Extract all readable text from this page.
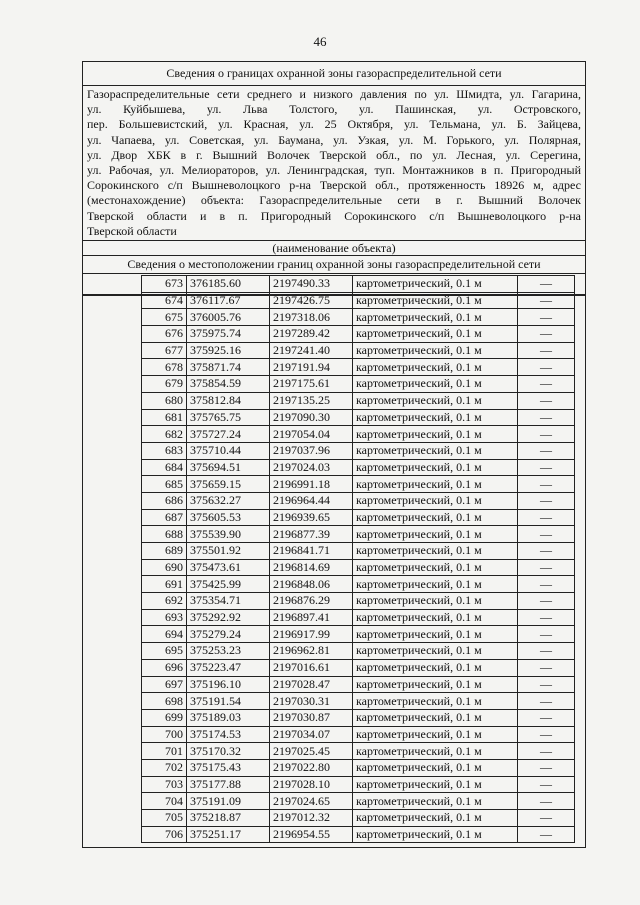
46
Сведения о границах охранной зоны газораспределительной сети
Газораспределительные сети среднего и низкого давления по ул. Шмидта, ул. Гагарина,
ул. Куйбышева, ул. Льва Толстого, ул. Пашинская, ул. Островского,
пер. Большевистский, ул. Красная, ул. 25 Октября, ул. Тельмана, ул. Б. Зайцева,
ул. Чапаева, ул. Советская, ул. Баумана, ул. Узкая, ул. М. Горького, ул. Полярная,
ул. Двор ХБК в г. Вышний Волочек Тверской обл., по ул. Лесная, ул. Серегина,
ул. Рабочая, ул. Мелиораторов, ул. Ленинградская, туп. Монтажников в п. Пригородный
Сорокинского с/п Вышневолоцкого р-на Тверской обл., протяженность 18926 м, адрес
(местонахождение) объекта: Газораспределительные сети в г. Вышний Волочек
Тверской области и в п. Пригородный Сорокинского с/п Вышневолоцкого р-на
Тверской области
(наименование объекта)
Сведения о местоположении границ охранной зоны газораспределительной сети
673	376185.60	2197490.33	картометрический, 0.1 м	—
674	376117.67	2197426.75	картометрический, 0.1 м	—
675	376005.76	2197318.06	картометрический, 0.1 м	—
676	375975.74	2197289.42	картометрический, 0.1 м	—
677	375925.16	2197241.40	картометрический, 0.1 м	—
678	375871.74	2197191.94	картометрический, 0.1 м	—
679	375854.59	2197175.61	картометрический, 0.1 м	—
680	375812.84	2197135.25	картометрический, 0.1 м	—
681	375765.75	2197090.30	картометрический, 0.1 м	—
682	375727.24	2197054.04	картометрический, 0.1 м	—
683	375710.44	2197037.96	картометрический, 0.1 м	—
684	375694.51	2197024.03	картометрический, 0.1 м	—
685	375659.15	2196991.18	картометрический, 0.1 м	—
686	375632.27	2196964.44	картометрический, 0.1 м	—
687	375605.53	2196939.65	картометрический, 0.1 м	—
688	375539.90	2196877.39	картометрический, 0.1 м	—
689	375501.92	2196841.71	картометрический, 0.1 м	—
690	375473.61	2196814.69	картометрический, 0.1 м	—
691	375425.99	2196848.06	картометрический, 0.1 м	—
692	375354.71	2196876.29	картометрический, 0.1 м	—
693	375292.92	2196897.41	картометрический, 0.1 м	—
694	375279.24	2196917.99	картометрический, 0.1 м	—
695	375253.23	2196962.81	картометрический, 0.1 м	—
696	375223.47	2197016.61	картометрический, 0.1 м	—
697	375196.10	2197028.47	картометрический, 0.1 м	—
698	375191.54	2197030.31	картометрический, 0.1 м	—
699	375189.03	2197030.87	картометрический, 0.1 м	—
700	375174.53	2197034.07	картометрический, 0.1 м	—
701	375170.32	2197025.45	картометрический, 0.1 м	—
702	375175.43	2197022.80	картометрический, 0.1 м	—
703	375177.88	2197028.10	картометрический, 0.1 м	—
704	375191.09	2197024.65	картометрический, 0.1 м	—
705	375218.87	2197012.32	картометрический, 0.1 м	—
706	375251.17	2196954.55	картометрический, 0.1 м	—
